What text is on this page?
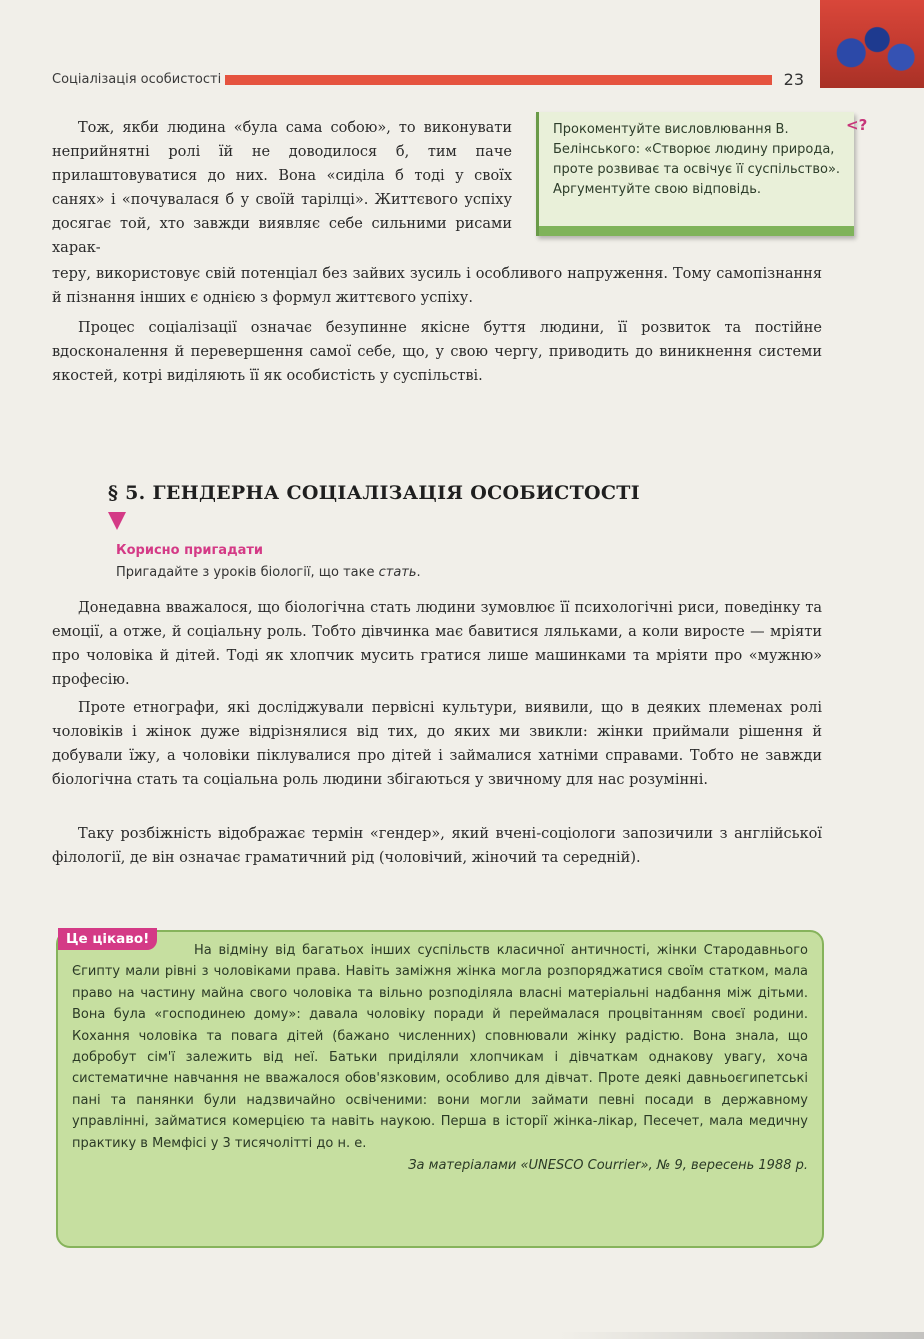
Соціалізація особистості	23

Тож, якби людина «була сама собою», то виконувати неприйнятні ролі їй не доводилося б, тим паче прилаштовуватися до них. Вона «сиділа б тоді у своїх санях» і «почувалася б у своїй тарілці». Життєвого успіху досягає той, хто завжди виявляє себе сильними рисами харак-

теру, використовує свій потенціал без зайвих зусиль і особливого напруження. Тому самопізнання й пізнання інших є однією з формул життєвого успіху.

Процес соціалізації означає безупинне якісне буття людини, її розвиток та постійне вдосконалення й перевершення самої себе, що, у свою чергу, приводить до виникнення системи якостей, котрі виділяють її як особистість у суспільстві.

Прокоментуйте висловлювання В. Белінського: «Створює людину природа, проте розвиває та освічує її суспільство». Аргументуйте свою відповідь.
<?
§ 5. ГЕНДЕРНА СОЦІАЛІЗАЦІЯ ОСОБИСТОСТІ
Корисно пригадати
Пригадайте з уроків біології, що таке стать.

Донедавна вважалося, що біологічна стать людини зумовлює її психологічні риси, поведінку та емоції, а отже, й соціальну роль. Тобто дівчинка має бавитися ляльками, а коли виросте — мріяти про чоловіка й дітей. Тоді як хлопчик мусить гратися лише машинками та мріяти про «мужню» професію.

Проте етнографи, які досліджували первісні культури, виявили, що в деяких племенах ролі чоловіків і жінок дуже відрізнялися від тих, до яких ми звикли: жінки приймали рішення й добували їжу, а чоловіки піклувалися про дітей і займалися хатніми справами. Тобто не завжди біологічна стать та соціальна роль людини збігаються у звичному для нас розумінні.

Таку розбіжність відображає термін «гендер», який вчені-соціологи запозичили з англійської філології, де він означає граматичний рід (чоловічий, жіночий та середній).

На відміну від багатьох інших суспільств класичної античності, жінки Стародавнього Єгипту мали рівні з чоловіками права. Навіть заміжня жінка могла розпоряджатися своїм статком, мала право на частину майна свого чоловіка та вільно розподіляла власні матеріальні надбання між дітьми. Вона була «господинею дому»: давала чоловіку поради й переймалася процвітанням своєї родини. Кохання чоловіка та повага дітей (бажано численних) сповнювали жінку радістю. Вона знала, що добробут сім'ї залежить від неї. Батьки приділяли хлопчикам і дівчаткам однакову увагу, хоча систематичне навчання не вважалося обов'язковим, особливо для дівчат. Проте деякі давньоєгипетські пані та панянки були надзвичайно освіченими: вони могли займати певні посади в державному управлінні, займатися комерцією та навіть наукою. Перша в історії жінка-лікар, Песечет, мала медичну практику в Мемфісі у 3 тисячолітті до н. е.
За матеріалами «UNESCO Courrier», № 9, вересень 1988 р.
Це цікаво!
